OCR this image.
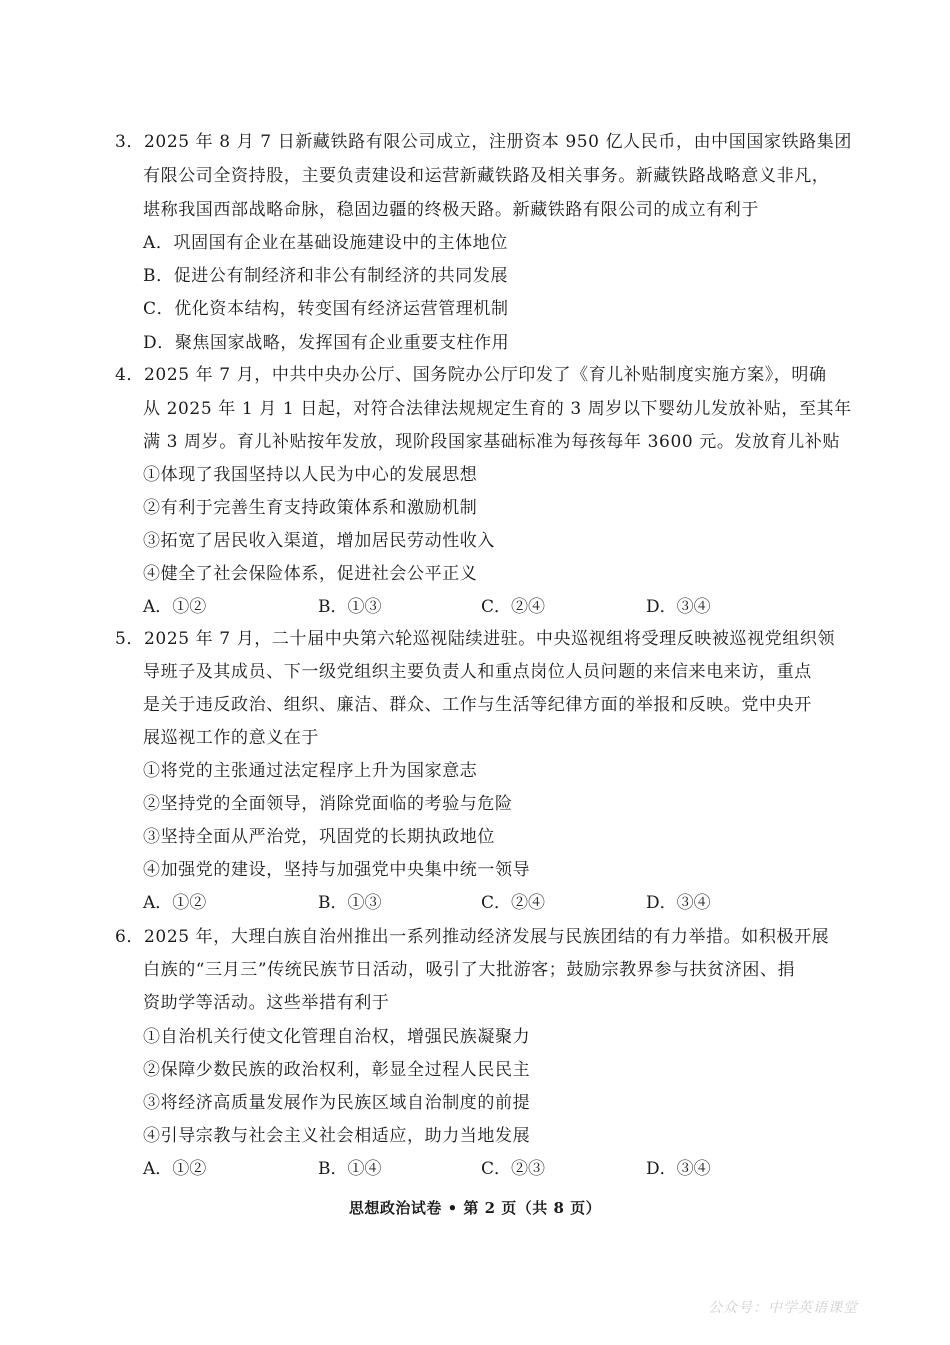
3．2025 年 8 月 7 日新藏铁路有限公司成立，注册资本 950 亿人民币，由中国国家铁路集团
有限公司全资持股，主要负责建设和运营新藏铁路及相关事务。新藏铁路战略意义非凡，
堪称我国西部战略命脉，稳固边疆的终极天路。新藏铁路有限公司的成立有利于
A．巩固国有企业在基础设施建设中的主体地位
B．促进公有制经济和非公有制经济的共同发展
C．优化资本结构，转变国有经济运营管理机制
D．聚焦国家战略，发挥国有企业重要支柱作用
4．2025 年 7 月，中共中央办公厅、国务院办公厅印发了《育儿补贴制度实施方案》，明确
从 2025 年 1 月 1 日起，对符合法律法规规定生育的 3 周岁以下婴幼儿发放补贴，至其年
满 3 周岁。育儿补贴按年发放，现阶段国家基础标准为每孩每年 3600 元。发放育儿补贴
①体现了我国坚持以人民为中心的发展思想
②有利于完善生育支持政策体系和激励机制
③拓宽了居民收入渠道，增加居民劳动性收入
④健全了社会保险体系，促进社会公平正义
A．①②	B．①③	C．②④	D．③④
5．2025 年 7 月，二十届中央第六轮巡视陆续进驻。中央巡视组将受理反映被巡视党组织领
导班子及其成员、下一级党组织主要负责人和重点岗位人员问题的来信来电来访，重点
是关于违反政治、组织、廉洁、群众、工作与生活等纪律方面的举报和反映。党中央开
展巡视工作的意义在于
①将党的主张通过法定程序上升为国家意志
②坚持党的全面领导，消除党面临的考验与危险
③坚持全面从严治党，巩固党的长期执政地位
④加强党的建设，坚持与加强党中央集中统一领导
A．①②	B．①③	C．②④	D．③④
6．2025 年，大理白族自治州推出一系列推动经济发展与民族团结的有力举措。如积极开展
白族的“三月三”传统民族节日活动，吸引了大批游客；鼓励宗教界参与扶贫济困、捐
资助学等活动。这些举措有利于
①自治机关行使文化管理自治权，增强民族凝聚力
②保障少数民族的政治权利，彰显全过程人民民主
③将经济高质量发展作为民族区域自治制度的前提
④引导宗教与社会主义社会相适应，助力当地发展
A．①②	B．①④	C．②③	D．③④
思想政治试卷 • 第 2 页（共 8 页）
公众号：中学英语课堂
